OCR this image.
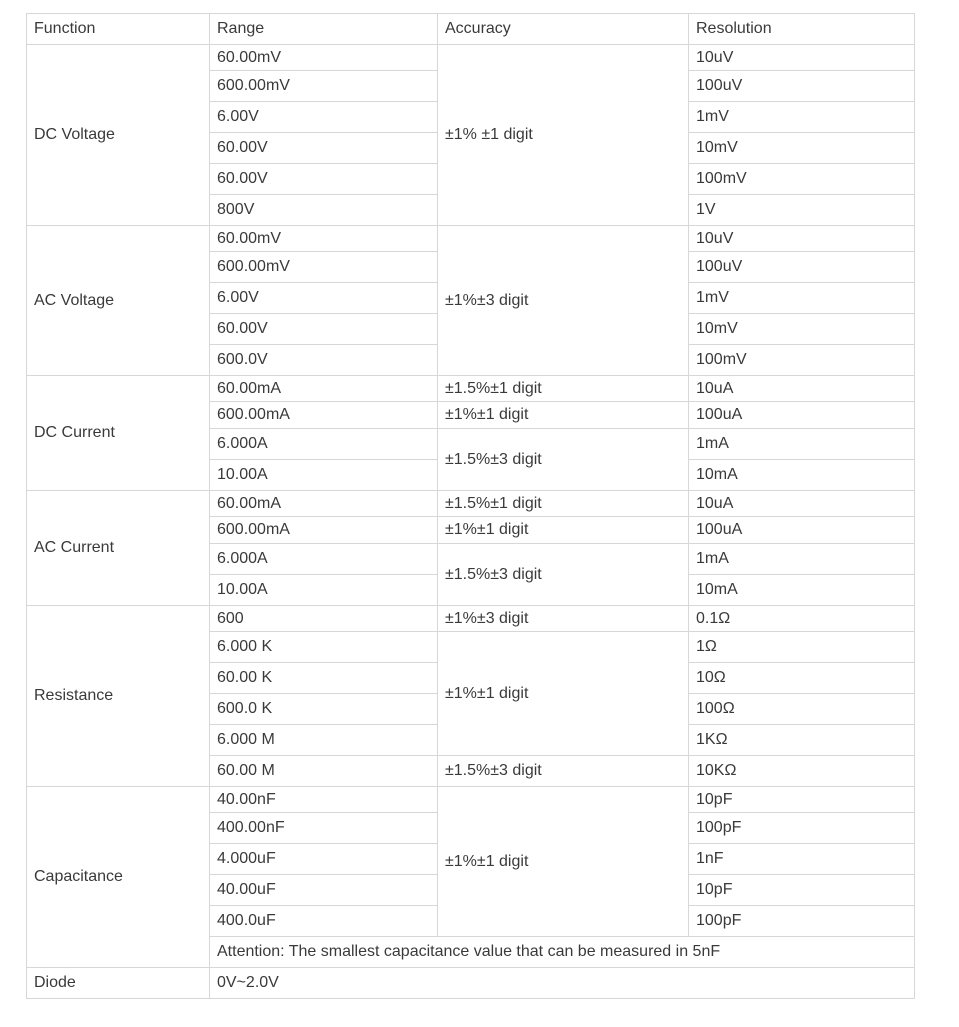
Function	Range	Accuracy	Resolution
DC Voltage	60.00mV	±1% ±1 digit	10uV
	600.00mV		100uV
	6.00V		1mV
	60.00V		10mV
	60.00V		100mV
	800V		1V
AC Voltage	60.00mV	±1%±3 digit	10uV
	600.00mV		100uV
	6.00V		1mV
	60.00V		10mV
	600.0V		100mV
DC Current	60.00mA	±1.5%±1 digit	10uA
	600.00mA	±1%±1 digit	100uA
	6.000A	±1.5%±3 digit	1mA
	10.00A		10mA
AC Current	60.00mA	±1.5%±1 digit	10uA
	600.00mA	±1%±1 digit	100uA
	6.000A	±1.5%±3 digit	1mA
	10.00A		10mA
Resistance	600	±1%±3 digit	0.1Ω
	6.000 K	±1%±1 digit	1Ω
	60.00 K		10Ω
	600.0 K		100Ω
	6.000 M		1KΩ
	60.00 M	±1.5%±3 digit	10KΩ
Capacitance	40.00nF	±1%±1 digit	10pF
	400.00nF		100pF
	4.000uF		1nF
	40.00uF		10pF
	400.0uF		100pF
	Attention: The smallest capacitance value that can be measured in 5nF		
Diode	0V~2.0V		
